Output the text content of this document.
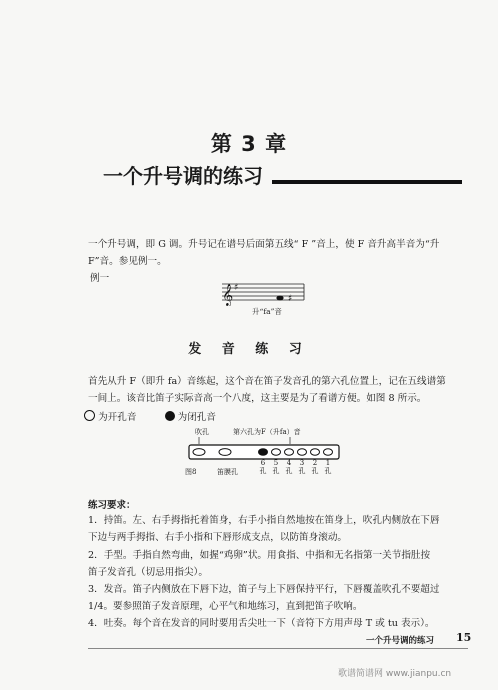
第 3 章
一个升号调的练习
一个升号调，即 G 调。升号记在谱号后面第五线“ F ”音上，使 F 音升高半音为“升
F”音。参见例一。
例一
𝄞 ♯
♯
升“fa”音
发 音 练 习
首先从升 F（即升 fa）音练起，这个音在笛子发音孔的第六孔位置上，记在五线谱第
一间上。该音比笛子实际音高一个八度，这主要是为了看谱方便。如图 8 所示。
为开孔音	为闭孔音
吹孔	第六孔为F（升fa）音
图8	笛膜孔
6
孔
5
孔
4
孔
3
孔
2
孔
1
孔
练习要求：
1．持笛。左、右手拇指托着笛身，右手小指自然地按在笛身上，吹孔内侧放在下唇
下边与两手拇指、右手小指和下唇形成支点，以防笛身滚动。
2．手型。手指自然弯曲，如握“鸡卵”状。用食指、中指和无名指第一关节指肚按
笛子发音孔（切忌用指尖）。
3．发音。笛子内侧放在下唇下边，笛子与上下唇保持平行，下唇覆盖吹孔不要超过
1/4。要参照笛子发音原理，心平气和地练习，直到把笛子吹响。
4．吐奏。每个音在发音的同时要用舌尖吐一下（音符下方用声母 T 或 tu 表示）。
一个升号调的练习 15
歌谱简谱网 www.jianpu.cn
